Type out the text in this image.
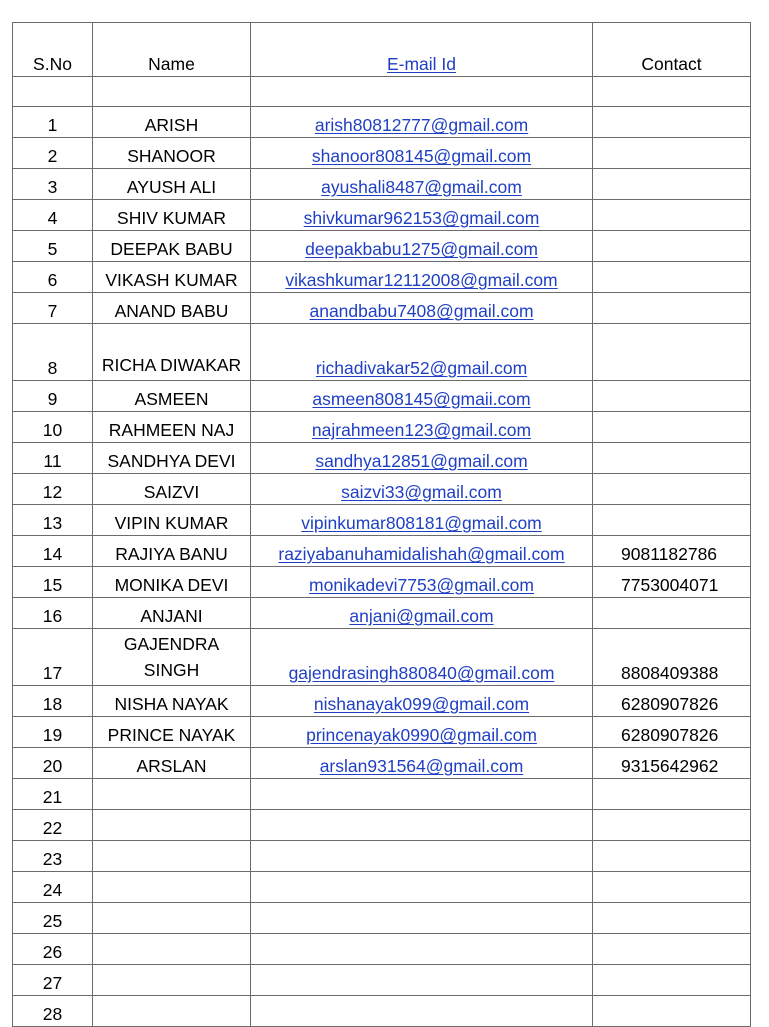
S.No	Name	E-mail Id	Contact

1	ARISH	arish80812777@gmail.com	
2	SHANOOR	shanoor808145@gmail.com	
3	AYUSH ALI	ayushali8487@gmail.com	
4	SHIV KUMAR	shivkumar962153@gmail.com	
5	DEEPAK BABU	deepakbabu1275@gmail.com	
6	VIKASH KUMAR	vikashkumar12112008@gmail.com	
7	ANAND BABU	anandbabu7408@gmail.com	
8	RICHA DIWAKAR	richadivakar52@gmail.com	
9	ASMEEN	asmeen808145@gmaii.com	
10	RAHMEEN NAJ	najrahmeen123@gmail.com	
11	SANDHYA DEVI	sandhya12851@gmail.com	
12	SAIZVI	saizvi33@gmail.com	
13	VIPIN KUMAR	vipinkumar808181@gmail.com	
14	RAJIYA BANU	raziyabanuhamidalishah@gmail.com	9081182786
15	MONIKA DEVI	monikadevi7753@gmail.com	7753004071
16	ANJANI	anjani@gmail.com	
17	GAJENDRA SINGH	gajendrasingh880840@gmail.com	8808409388
18	NISHA NAYAK	nishanayak099@gmail.com	6280907826
19	PRINCE NAYAK	princenayak0990@gmail.com	6280907826
20	ARSLAN	arslan931564@gmail.com	9315642962
21			
22			
23			
24			
25			
26			
27			
28			
